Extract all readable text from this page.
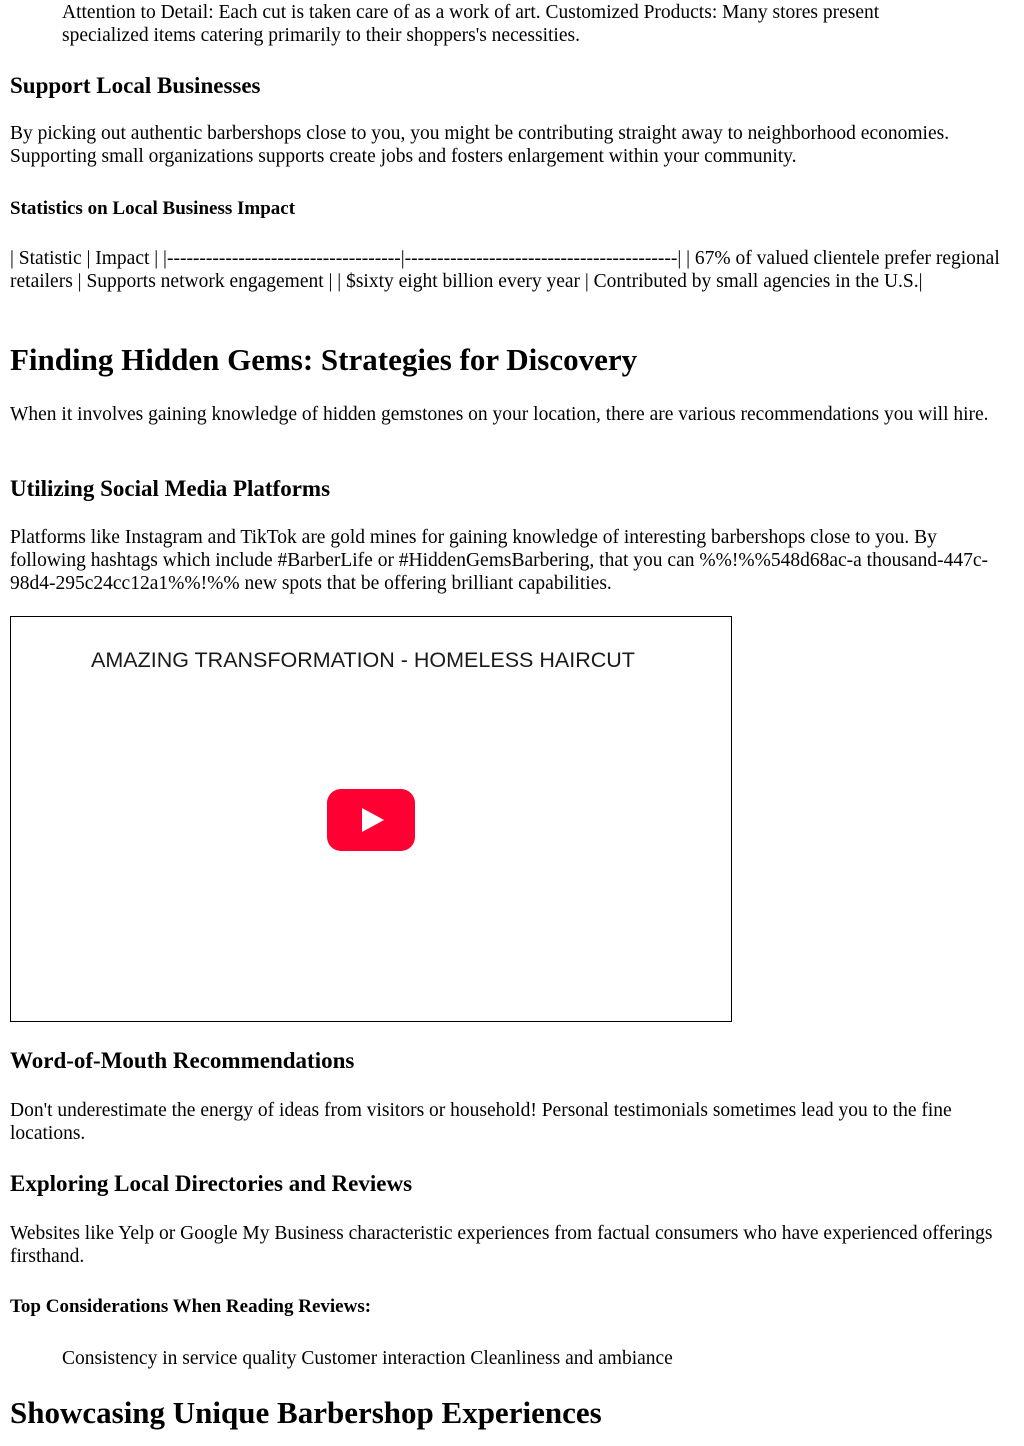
Attention to Detail: Each cut is taken care of as a work of art. Customized Products: Many stores present specialized items catering primarily to their shoppers's necessities.

Support Local Businesses

By picking out authentic barbershops close to you, you might be contributing straight away to neighborhood economies. Supporting small organizations supports create jobs and fosters enlargement within your community.

Statistics on Local Business Impact

| Statistic | Impact | |------------------------------------|------------------------------------------| | 67% of valued clientele prefer regional retailers | Supports network engagement | | $sixty eight billion every year | Contributed by small agencies in the U.S.|

Finding Hidden Gems: Strategies for Discovery

When it involves gaining knowledge of hidden gemstones on your location, there are various recommendations you will hire.

Utilizing Social Media Platforms

Platforms like Instagram and TikTok are gold mines for gaining knowledge of interesting barbershops close to you. By following hashtags which include #BarberLife or #HiddenGemsBarbering, that you can %%!%%548d68ac-a thousand-447c-98d4-295c24cc12a1%%!%% new spots that be offering brilliant capabilities.

AMAZING TRANSFORMATION - HOMELESS HAIRCUT
Word-of-Mouth Recommendations

Don't underestimate the energy of ideas from visitors or household! Personal testimonials sometimes lead you to the fine locations.

Exploring Local Directories and Reviews

Websites like Yelp or Google My Business characteristic experiences from factual consumers who have experienced offerings firsthand.

Top Considerations When Reading Reviews:

Consistency in service quality Customer interaction Cleanliness and ambiance

Showcasing Unique Barbershop Experiences
